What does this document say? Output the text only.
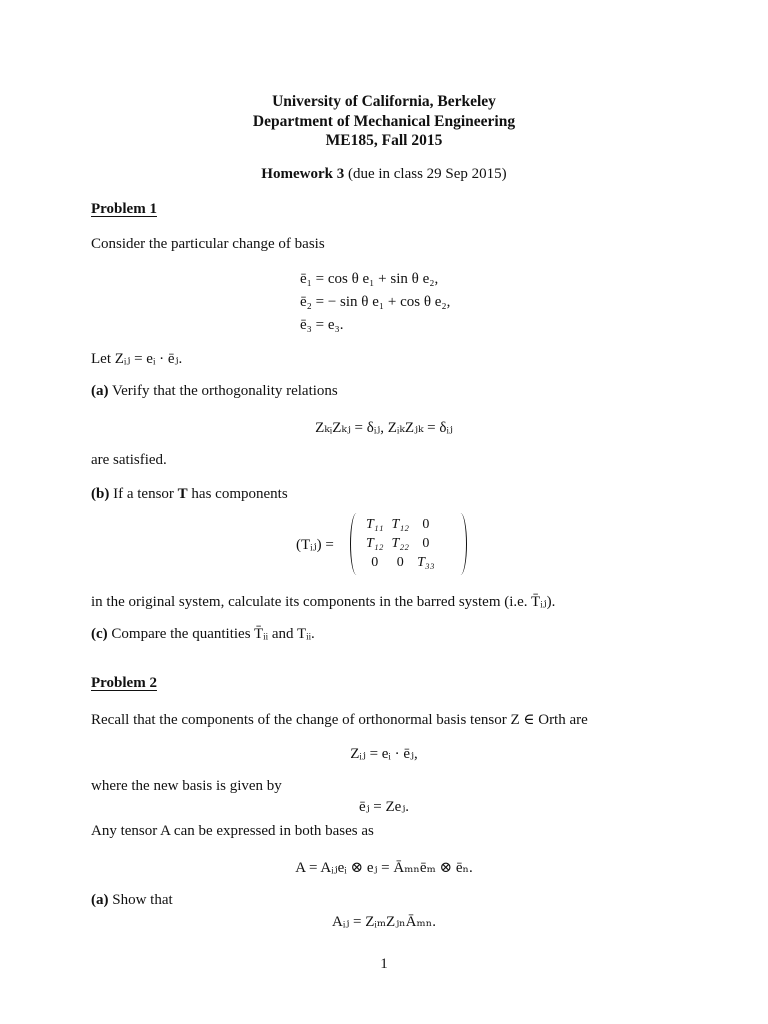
University of California, Berkeley
Department of Mechanical Engineering
ME185, Fall 2015
Homework 3 (due in class 29 Sep 2015)
Problem 1
Consider the particular change of basis
ē₁ = cos θ e₁ + sin θ e₂,
ē₂ = − sin θ e₁ + cos θ e₂,
ē₃ = e₃.
Let Zᵢⱼ = eᵢ · ēⱼ.
(a) Verify that the orthogonality relations
ZₖᵢZₖⱼ = δᵢⱼ, ZᵢₖZⱼₖ = δᵢⱼ
are satisfied.
(b) If a tensor T has components
(Tᵢⱼ) =
T₁₁	T₁₂	0
T₁₂	T₂₂	0
0	0	T₃₃
in the original system, calculate its components in the barred system (i.e. T̄ᵢⱼ).
(c) Compare the quantities T̄ᵢᵢ and Tᵢᵢ.
Problem 2
Recall that the components of the change of orthonormal basis tensor Z ∈ Orth are
Zᵢⱼ = eᵢ · ēⱼ,
where the new basis is given by
ēⱼ = Zeⱼ.
Any tensor A can be expressed in both bases as
A = Aᵢⱼeᵢ ⊗ eⱼ = Āₘₙēₘ ⊗ ēₙ.
(a) Show that
Aᵢⱼ = ZᵢₘZⱼₙĀₘₙ.
1
